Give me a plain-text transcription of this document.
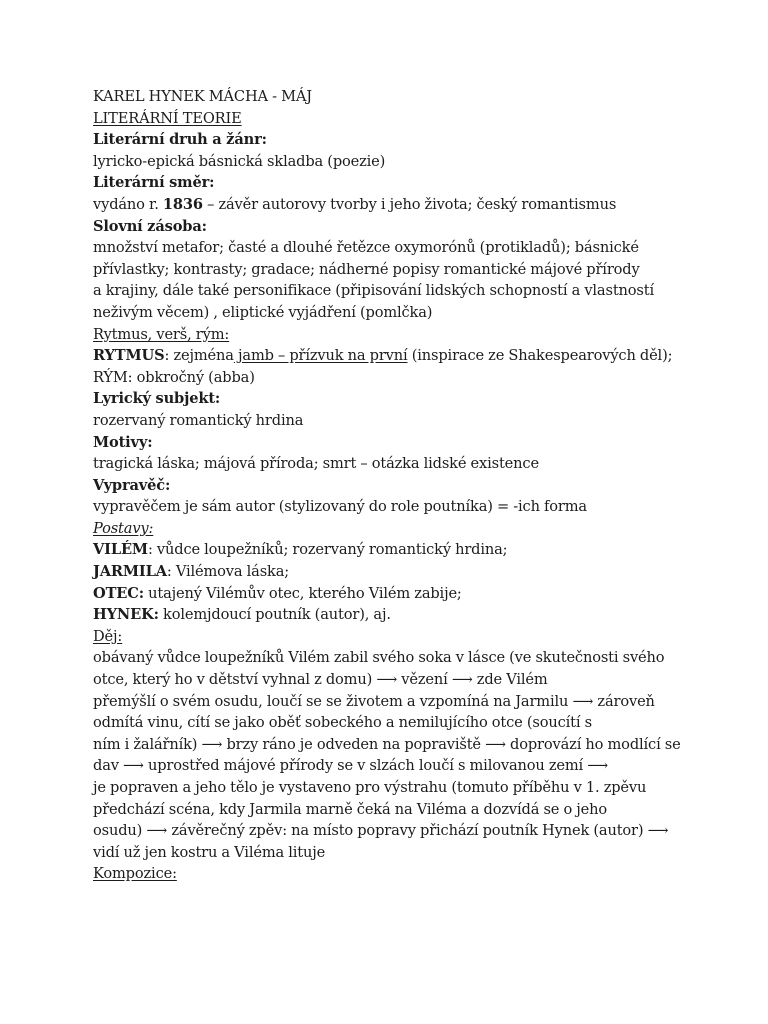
KAREL HYNEK MÁCHA - MÁJ
LITERÁRNÍ TEORIE
Literární druh a žánr:
lyricko-epická básnická skladba (poezie)
Literární směr:
vydáno r. 1836 – závěr autorovy tvorby i jeho života; český romantismus
Slovní zásoba:
množství metafor; časté a dlouhé řetězce oxymorónů (protikladů); básnické
přívlastky; kontrasty; gradace; nádherné popisy romantické májové přírody
a krajiny, dále také personifikace (připisování lidských schopností a vlastností
neživým věcem) , eliptické vyjádření (pomlčka)
Rytmus, verš, rým:
RYTMUS: zejména jamb – přízvuk na první (inspirace ze Shakespearových děl);
RÝM: obkročný (abba)
Lyrický subjekt:
rozervaný romantický hrdina
Motivy:
tragická láska; májová příroda; smrt – otázka lidské existence
Vypravěč:
vypravěčem je sám autor (stylizovaný do role poutníka) = -ich forma
Postavy:
VILÉM: vůdce loupežníků; rozervaný romantický hrdina;
JARMILA: Vilémova láska;
OTEC: utajený Vilémův otec, kterého Vilém zabije;
HYNEK: kolemjdoucí poutník (autor), aj.
Děj:
obávaný vůdce loupežníků Vilém zabil svého soka v lásce (ve skutečnosti svého
otce, který ho v dětství vyhnal z domu) ⟶ vězení ⟶ zde Vilém
přemýšlí o svém osudu, loučí se se životem a vzpomíná na Jarmilu ⟶ zároveň
odmítá vinu, cítí se jako oběť sobeckého a nemilujícího otce (soucítí s
ním i žalářník) ⟶ brzy ráno je odveden na popraviště ⟶ doprovází ho modlící se
dav ⟶ uprostřed májové přírody se v slzách loučí s milovanou zemí ⟶
je popraven a jeho tělo je vystaveno pro výstrahu (tomuto příběhu v 1. zpěvu
předchází scéna, kdy Jarmila marně čeká na Viléma a dozvídá se o jeho
osudu) ⟶ závěrečný zpěv: na místo popravy přichází poutník Hynek (autor) ⟶
vidí už jen kostru a Viléma lituje
Kompozice:
